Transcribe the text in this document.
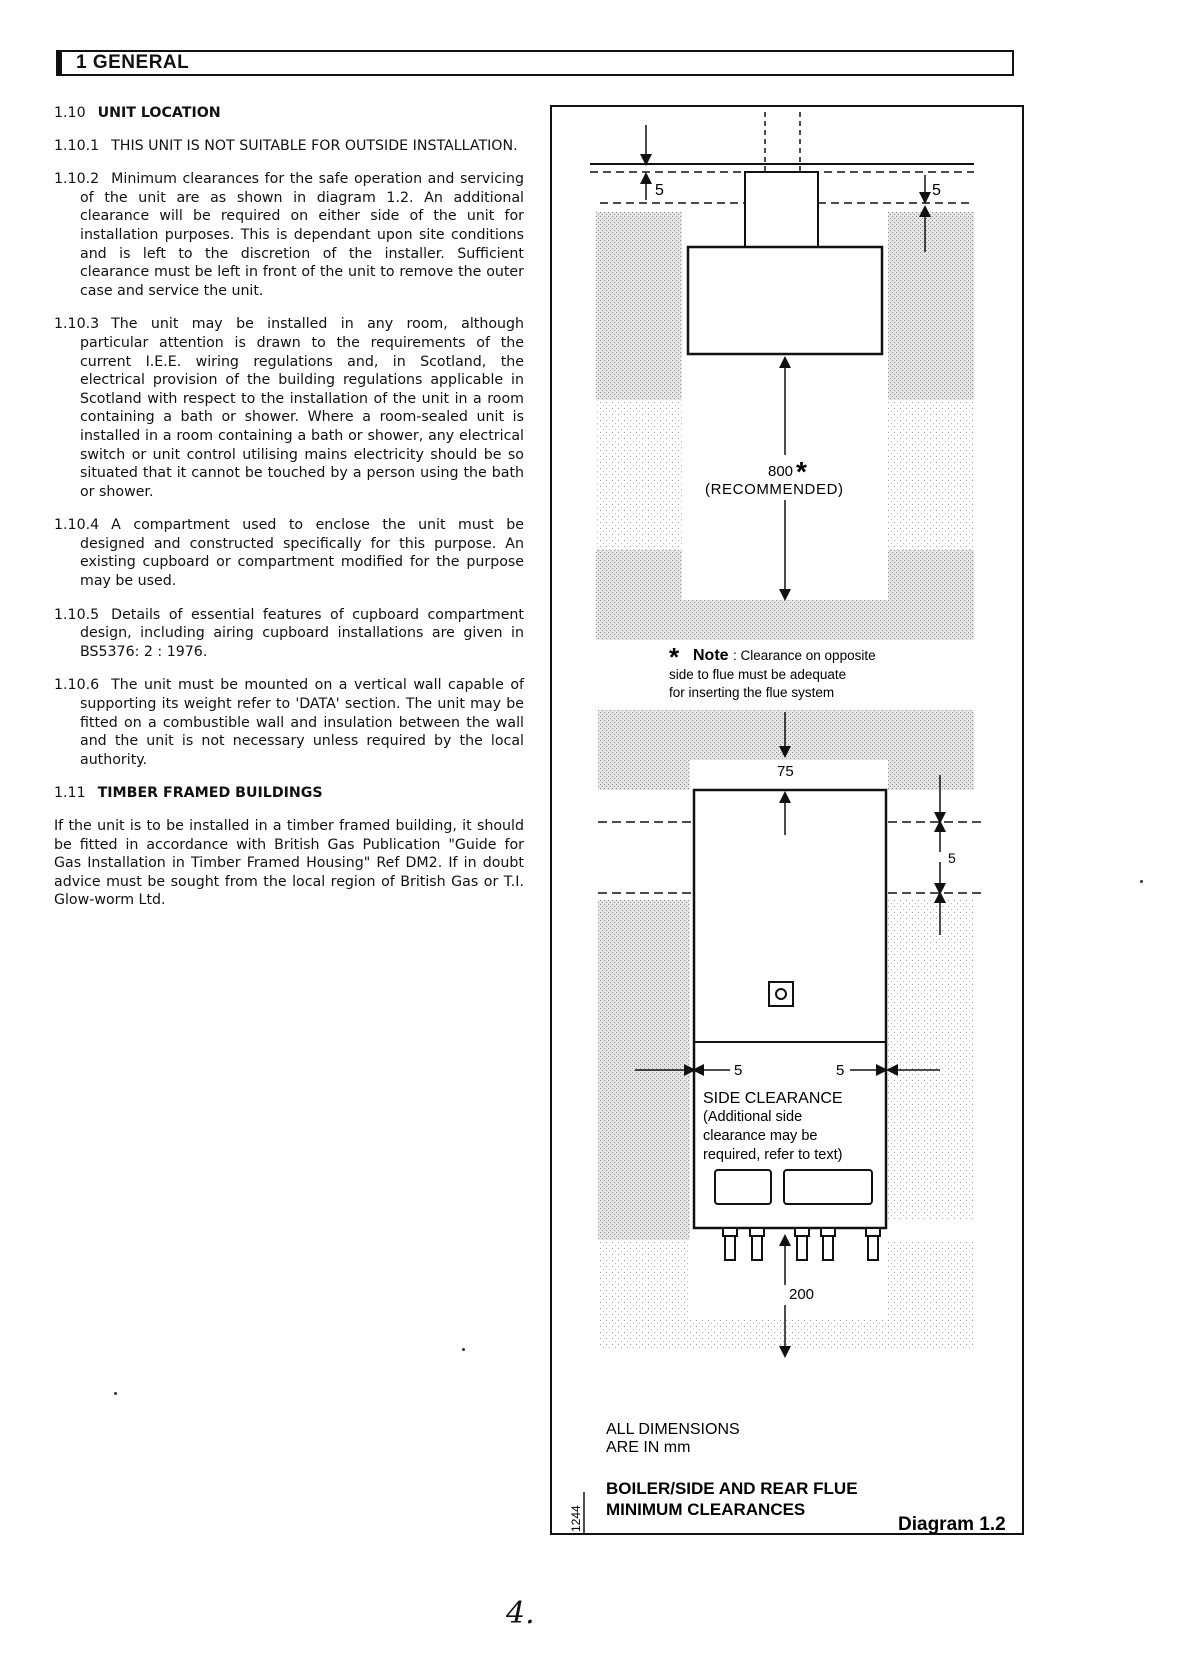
1 GENERAL

1.10 UNIT LOCATION

1.10.1 THIS UNIT IS NOT SUITABLE FOR OUTSIDE INSTALLATION.

1.10.2 Minimum clearances for the safe operation and servicing of the unit are as shown in diagram 1.2. An additional clearance will be required on either side of the unit for installation purposes. This is dependant upon site conditions and is left to the discretion of the installer. Sufficient clearance must be left in front of the unit to remove the outer case and service the unit.

1.10.3 The unit may be installed in any room, although particular attention is drawn to the requirements of the current I.E.E. wiring regulations and, in Scotland, the electrical provision of the building regulations applicable in Scotland with respect to the installation of the unit in a room containing a bath or shower. Where a room-sealed unit is installed in a room containing a bath or shower, any electrical switch or unit control utilising mains electricity should be so situated that it cannot be touched by a person using the bath or shower.

1.10.4 A compartment used to enclose the unit must be designed and constructed specifically for this purpose. An existing cupboard or compartment modified for the purpose may be used.

1.10.5 Details of essential features of cupboard compartment design, including airing cupboard installations are given in BS5376: 2 : 1976.

1.10.6 The unit must be mounted on a vertical wall capable of supporting its weight refer to 'DATA' section. The unit may be fitted on a combustible wall and insulation between the wall and the unit is not necessary unless required by the local authority.

1.11 TIMBER FRAMED BUILDINGS

If the unit is to be installed in a timber framed building, it should be fitted in accordance with British Gas Publication "Guide for Gas Installation in Timber Framed Housing" Ref DM2. If in doubt advice must be sought from the local region of British Gas or T.I. Glow-worm Ltd.

5	5
800 *
(RECOMMENDED)
* Note : Clearance on opposite
side to flue must be adequate
for inserting the flue system
75
5
5	5
SIDE CLEARANCE
(Additional side
clearance may be
required, refer to text)
200
ALL DIMENSIONS
ARE IN mm
BOILER/SIDE AND REAR FLUE
MINIMUM CLEARANCES
Diagram 1.2
1244
4.
